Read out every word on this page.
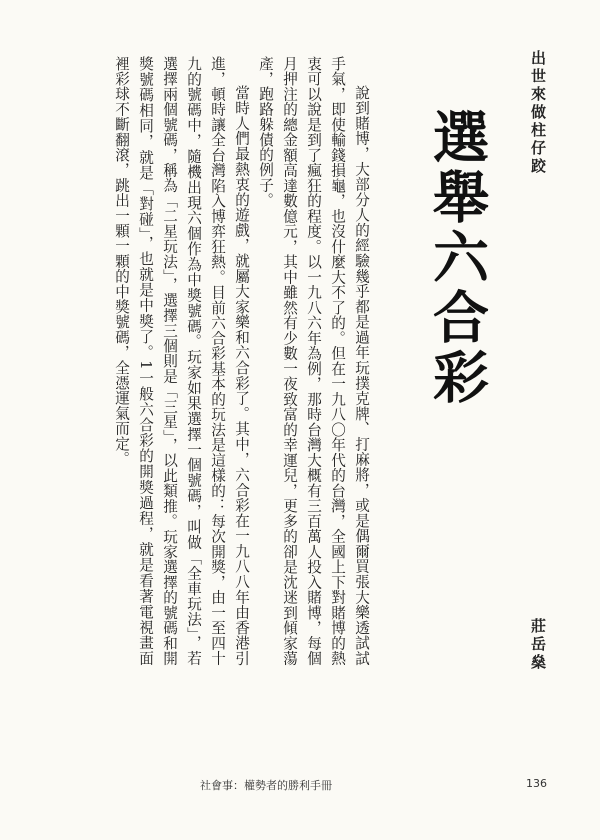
出世來做柱仔跤
莊岳燊
選舉六合彩

說到賭博，大部分人的經驗幾乎都是過年玩撲克牌、打麻將，或是偶爾買張大樂透試試手氣，即使輸錢損龜，也沒什麼大不了的。但在一九八〇年代的台灣，全國上下對賭博的熱衷可以說是到了瘋狂的程度。以一九八六年為例，那時台灣大概有三百萬人投入賭博，每個月押注的總金額高達數億元，其中雖然有少數一夜致富的幸運兒，更多的卻是沈迷到傾家蕩產，跑路躲債的例子。

當時人們最熱衷的遊戲，就屬大家樂和六合彩了。其中，六合彩在一九八八年由香港引進，頓時讓全台灣陷入博弈狂熱。目前六合彩基本的玩法是這樣的：每次開獎，由一至四十九的號碼中，隨機出現六個作為中獎號碼。玩家如果選擇一個號碼，叫做「全車玩法」，若選擇兩個號碼，稱為「二星玩法」，選擇三個則是「三星」，以此類推。玩家選擇的號碼和開獎號碼相同，就是「對碰」，也就是中獎了。1一般六合彩的開獎過程，就是看著電視畫面裡彩球不斷翻滾，跳出一顆一顆的中獎號碼，全憑運氣而定。

社會事：權勢者的勝利手冊	136
